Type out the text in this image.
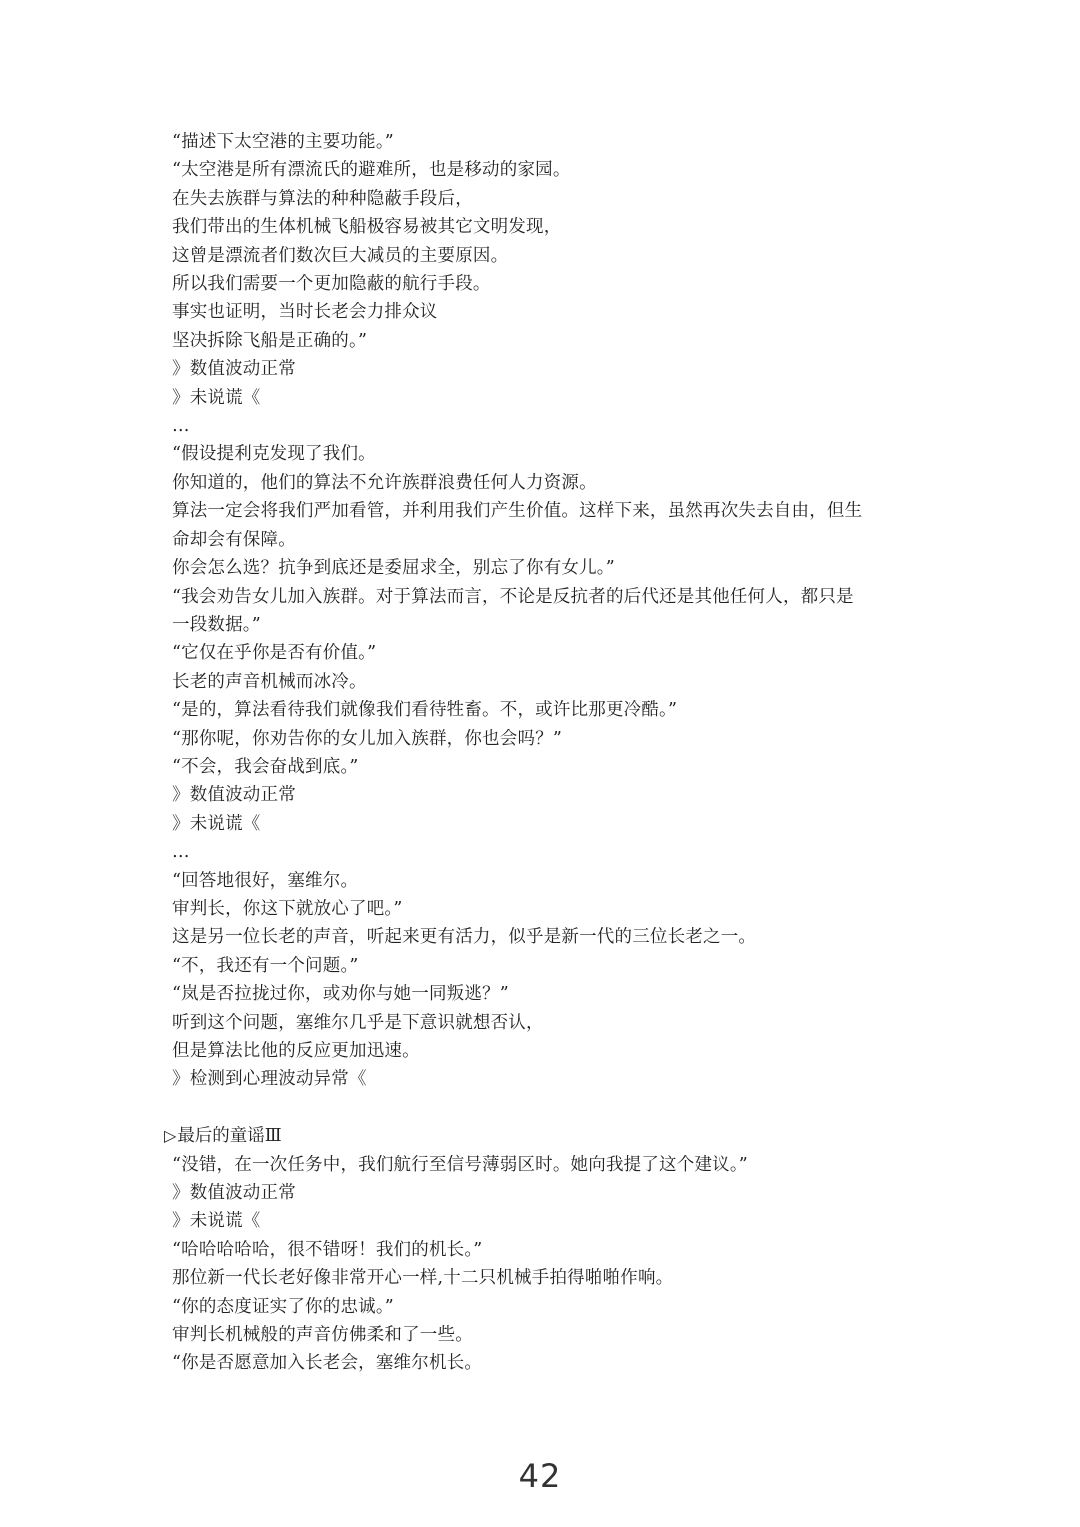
“描述下太空港的主要功能。”
“太空港是所有漂流氏的避难所，也是移动的家园。
在失去族群与算法的种种隐蔽手段后，
我们带出的生体机械飞船极容易被其它文明发现，
这曾是漂流者们数次巨大减员的主要原因。
所以我们需要一个更加隐蔽的航行手段。
事实也证明，当时长老会力排众议
坚决拆除飞船是正确的。”
》数值波动正常
》未说谎《
…
“假设提利克发现了我们。
你知道的，他们的算法不允许族群浪费任何人力资源。
算法一定会将我们严加看管，并利用我们产生价值。这样下来，虽然再次失去自由，但生
命却会有保障。
你会怎么选？抗争到底还是委屈求全，别忘了你有女儿。”
“我会劝告女儿加入族群。对于算法而言，不论是反抗者的后代还是其他任何人，都只是
一段数据。”
“它仅在乎你是否有价值。”
长老的声音机械而冰冷。
“是的，算法看待我们就像我们看待牲畜。不，或许比那更冷酷。”
“那你呢，你劝告你的女儿加入族群，你也会吗？”
“不会，我会奋战到底。”
》数值波动正常
》未说谎《
…
“回答地很好，塞维尔。
审判长，你这下就放心了吧。”
这是另一位长老的声音，听起来更有活力，似乎是新一代的三位长老之一。
“不，我还有一个问题。”
“岚是否拉拢过你，或劝你与她一同叛逃？”
听到这个问题，塞维尔几乎是下意识就想否认，
但是算法比他的反应更加迅速。
》检测到心理波动异常《
▷最后的童谣Ⅲ
“没错，在一次任务中，我们航行至信号薄弱区时。她向我提了这个建议。”
》数值波动正常
》未说谎《
“哈哈哈哈哈，很不错呀！我们的机长。”
那位新一代长老好像非常开心一样,十二只机械手拍得啪啪作响。
“你的态度证实了你的忠诚。”
审判长机械般的声音仿佛柔和了一些。
“你是否愿意加入长老会，塞维尔机长。
42
